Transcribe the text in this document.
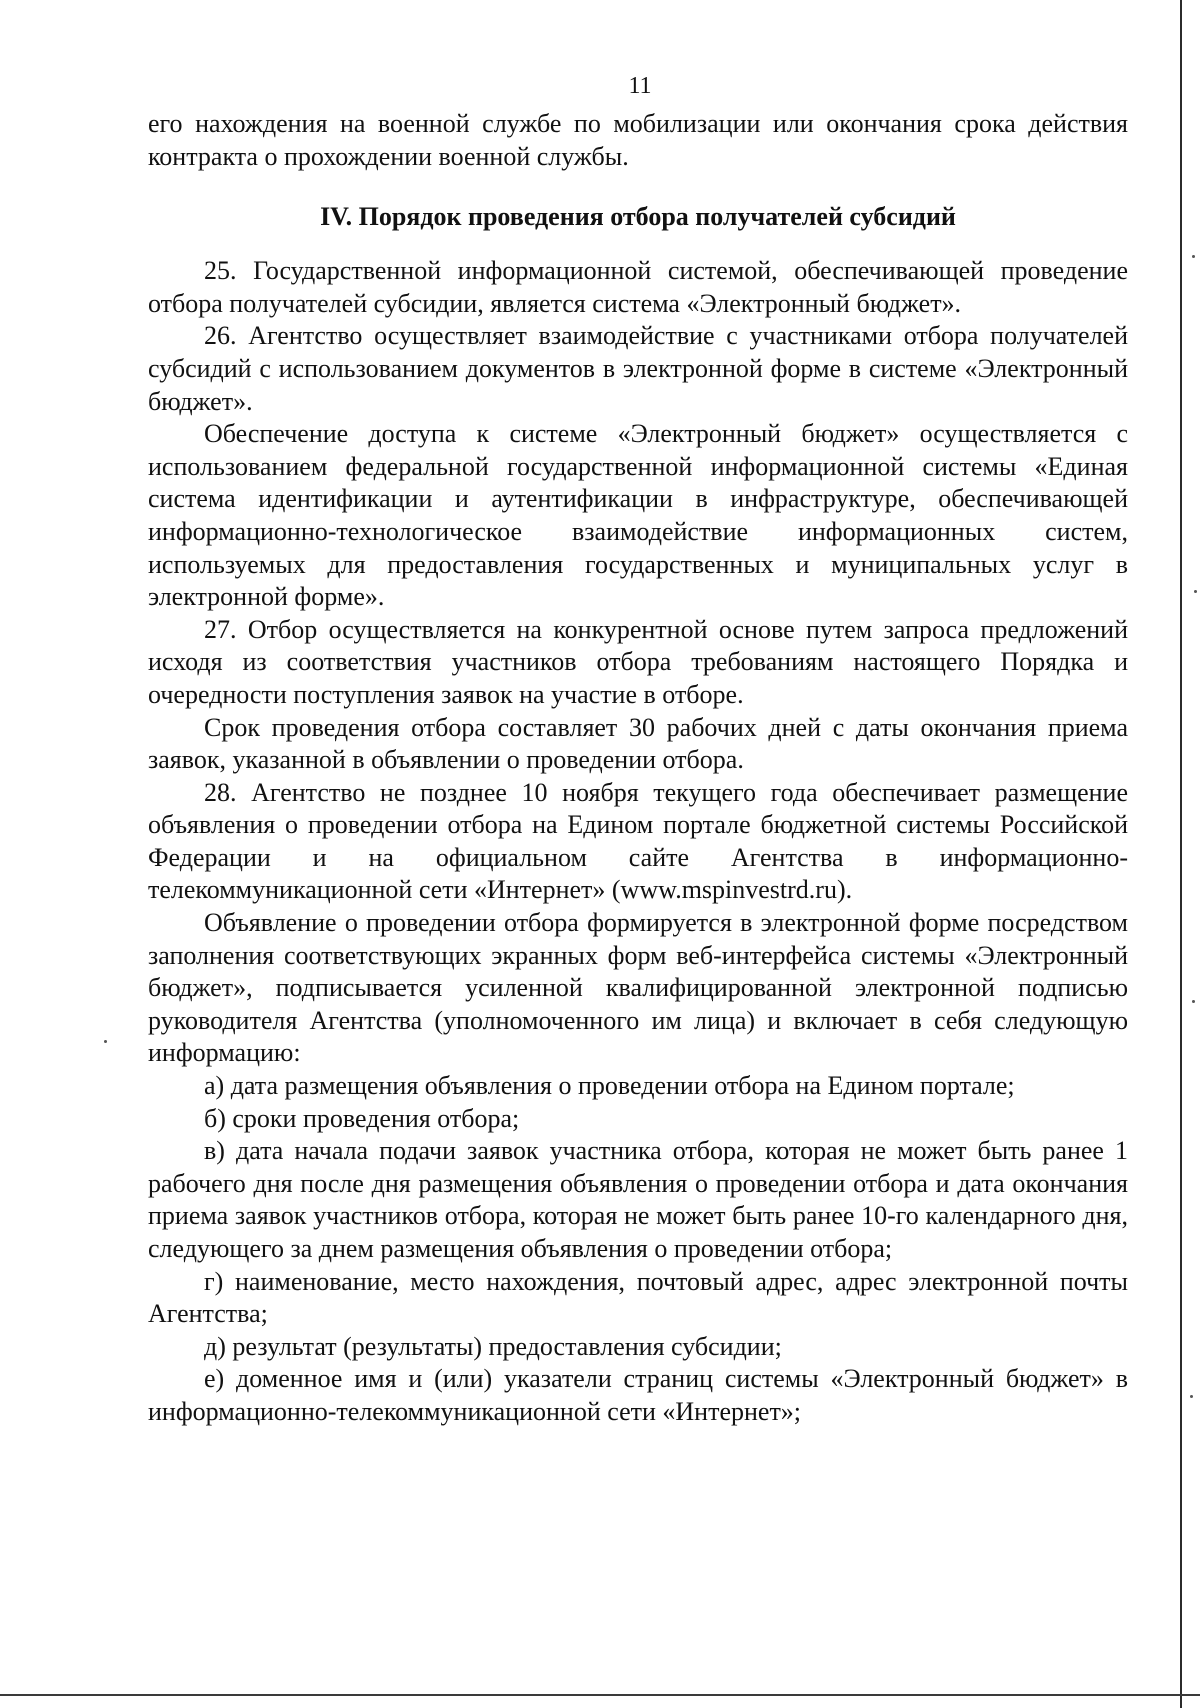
11

его нахождения на военной службе по мобилизации или окончания срока действия контракта о прохождении военной службы.

IV. Порядок проведения отбора получателей субсидий

25. Государственной информационной системой, обеспечивающей проведение отбора получателей субсидии, является система «Электронный бюджет».

26. Агентство осуществляет взаимодействие с участниками отбора получателей субсидий с использованием документов в электронной форме в системе «Электронный бюджет».

Обеспечение доступа к системе «Электронный бюджет» осуществляется с использованием федеральной государственной информационной системы «Единая система идентификации и аутентификации в инфраструктуре, обеспечивающей информационно-технологическое взаимодействие информационных систем, используемых для предоставления государственных и муниципальных услуг в электронной форме».

27. Отбор осуществляется на конкурентной основе путем запроса предложений исходя из соответствия участников отбора требованиям настоящего Порядка и очередности поступления заявок на участие в отборе.

Срок проведения отбора составляет 30 рабочих дней с даты окончания приема заявок, указанной в объявлении о проведении отбора.

28. Агентство не позднее 10 ноября текущего года обеспечивает размещение объявления о проведении отбора на Едином портале бюджетной системы Российской Федерации и на официальном сайте Агентства в информационно-телекоммуникационной сети «Интернет» (www.mspinvestrd.ru).

Объявление о проведении отбора формируется в электронной форме посредством заполнения соответствующих экранных форм веб-интерфейса системы «Электронный бюджет», подписывается усиленной квалифицированной электронной подписью руководителя Агентства (уполномоченного им лица) и включает в себя следующую информацию:

а) дата размещения объявления о проведении отбора на Едином портале;

б) сроки проведения отбора;

в) дата начала подачи заявок участника отбора, которая не может быть ранее 1 рабочего дня после дня размещения объявления о проведении отбора и дата окончания приема заявок участников отбора, которая не может быть ранее 10-го календарного дня, следующего за днем размещения объявления о проведении отбора;

г) наименование, место нахождения, почтовый адрес, адрес электронной почты Агентства;

д) результат (результаты) предоставления субсидии;

е) доменное имя и (или) указатели страниц системы «Электронный бюджет» в информационно-телекоммуникационной сети «Интернет»;
